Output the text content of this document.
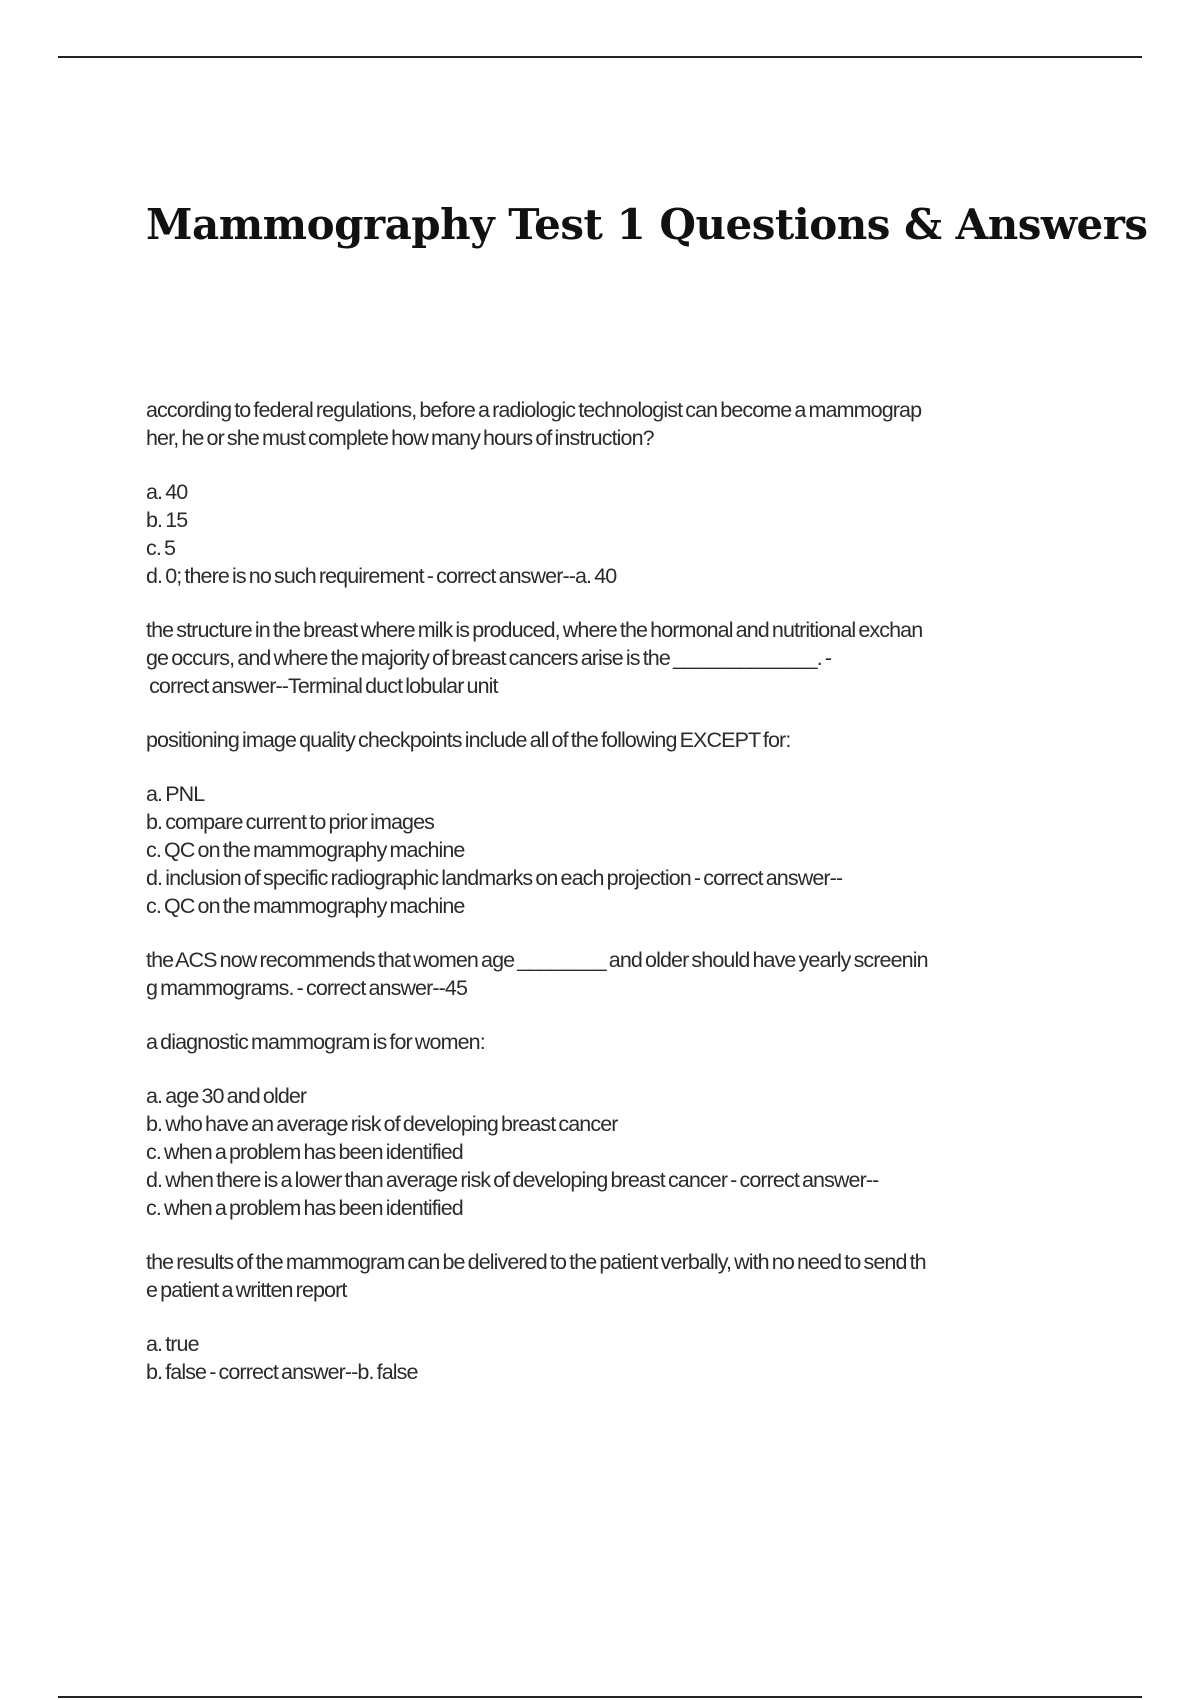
Mammography Test 1 Questions & Answers

according to federal regulations, before a radiologic technologist can become a mammograp
her, he or she must complete how many hours of instruction?

a. 40
b. 15
c. 5
d. 0; there is no such requirement - correct answer--a. 40

the structure in the breast where milk is produced, where the hormonal and nutritional exchan
ge occurs, and where the majority of breast cancers arise is the _____________. -
correct answer--Terminal duct lobular unit

positioning image quality checkpoints include all of the following EXCEPT for:

a. PNL
b. compare current to prior images
c. QC on the mammography machine
d. inclusion of specific radiographic landmarks on each projection - correct answer--
c. QC on the mammography machine

the ACS now recommends that women age ________ and older should have yearly screenin
g mammograms. - correct answer--45

a diagnostic mammogram is for women:

a. age 30 and older
b. who have an average risk of developing breast cancer
c. when a problem has been identified
d. when there is a lower than average risk of developing breast cancer - correct answer--
c. when a problem has been identified

the results of the mammogram can be delivered to the patient verbally, with no need to send th
e patient a written report

a. true
b. false - correct answer--b. false
